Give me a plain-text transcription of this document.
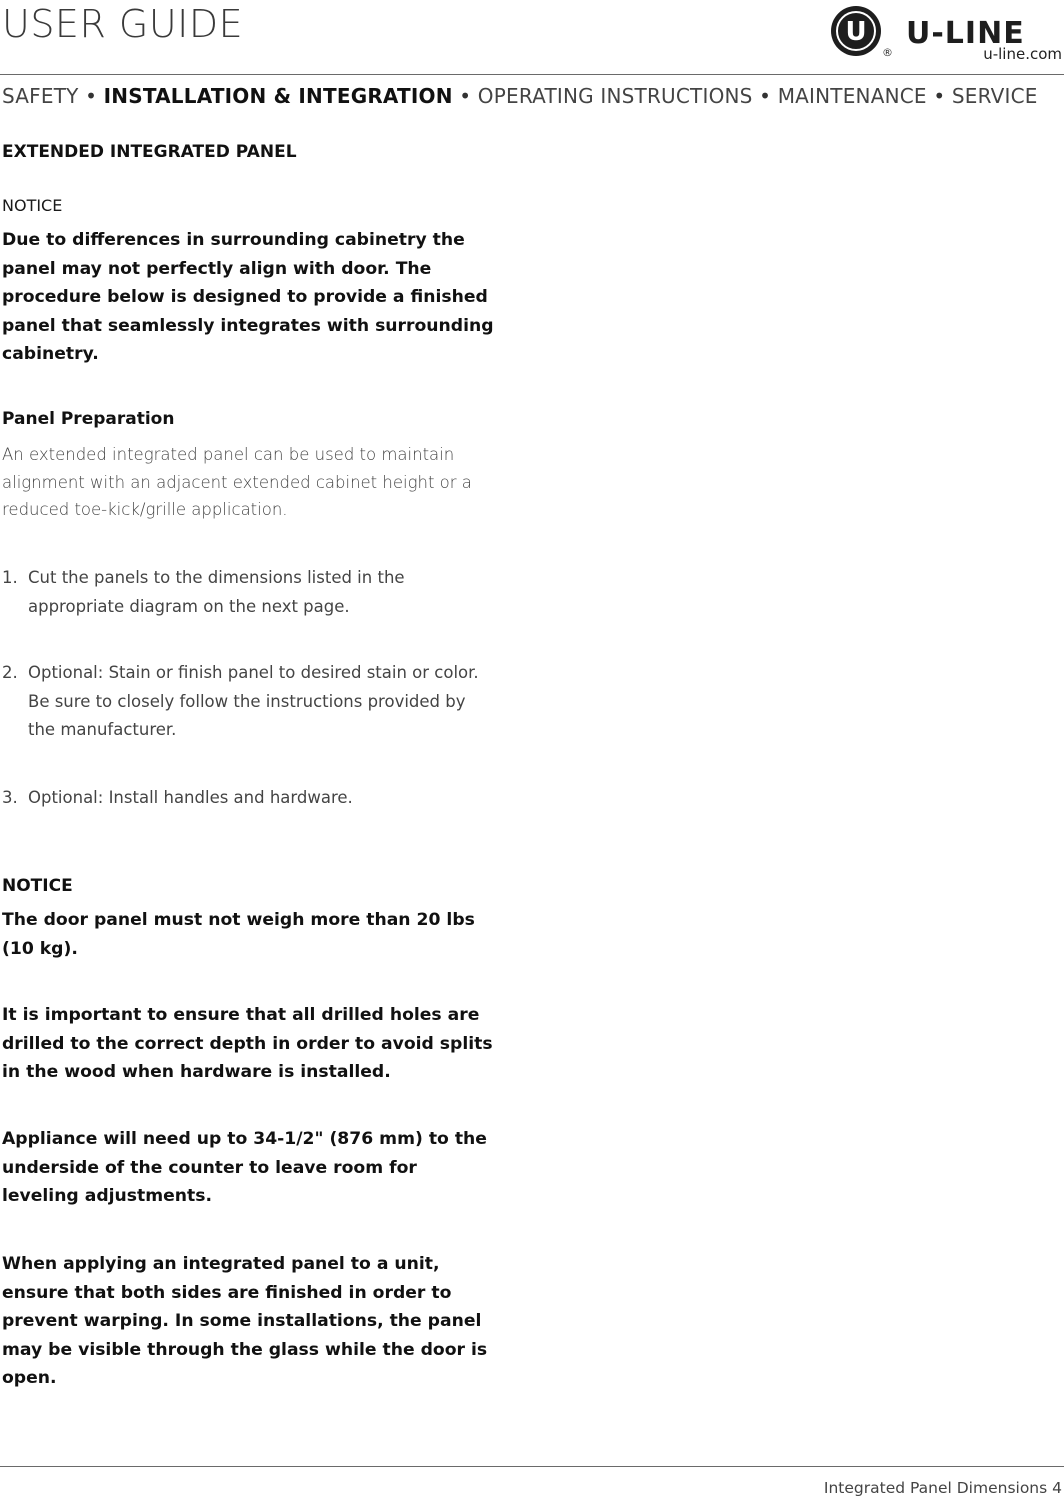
USER GUIDE	U
®
U-LINE
u-line.com
SAFETY • INSTALLATION & INTEGRATION • OPERATING INSTRUCTIONS • MAINTENANCE • SERVICE
EXTENDED INTEGRATED PANEL
NOTICE

Due to differences in surrounding cabinetry the panel may not perfectly align with door. The procedure below is designed to provide a finished panel that seamlessly integrates with surrounding cabinetry.

Panel Preparation

An extended integrated panel can be used to maintain alignment with an adjacent extended cabinet height or a reduced toe-kick/grille application.

1. Cut the panels to the dimensions listed in the appropriate diagram on the next page.
2. Optional: Stain or finish panel to desired stain or color. Be sure to closely follow the instructions provided by the manufacturer.
3. Optional: Install handles and hardware.
NOTICE

The door panel must not weigh more than 20 lbs (10 kg).

It is important to ensure that all drilled holes are drilled to the correct depth in order to avoid splits in the wood when hardware is installed.

Appliance will need up to 34-1/2" (876 mm) to the underside of the counter to leave room for leveling adjustments.

When applying an integrated panel to a unit, ensure that both sides are finished in order to prevent warping. In some installations, the panel may be visible through the glass while the door is open.

Integrated Panel Dimensions 4
